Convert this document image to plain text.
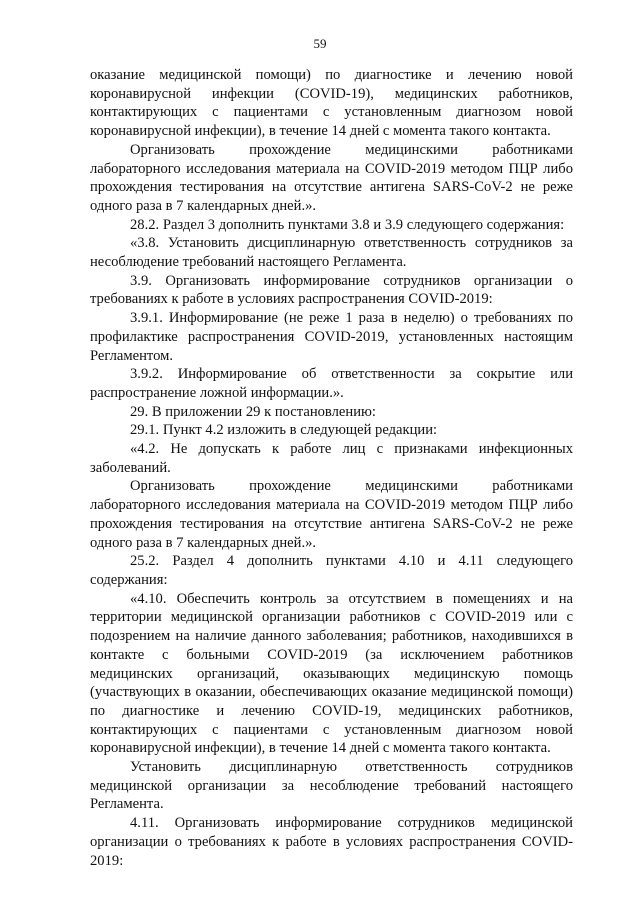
59

оказание медицинской помощи) по диагностике и лечению новой коронавирусной инфекции (COVID-19), медицинских работников, контактирующих с пациентами с установленным диагнозом новой коронавирусной инфекции), в течение 14 дней с момента такого контакта.

Организовать прохождение медицинскими работниками лабораторного исследования материала на COVID-2019 методом ПЦР либо прохождения тестирования на отсутствие антигена SARS-CoV-2 не реже одного раза в 7 календарных дней.».

28.2. Раздел 3 дополнить пунктами 3.8 и 3.9 следующего содержания:

«3.8. Установить дисциплинарную ответственность сотрудников за несоблюдение требований настоящего Регламента.

3.9. Организовать информирование сотрудников организации о требованиях к работе в условиях распространения COVID-2019:

3.9.1. Информирование (не реже 1 раза в неделю) о требованиях по профилактике распространения COVID-2019, установленных настоящим Регламентом.

3.9.2. Информирование об ответственности за сокрытие или распространение ложной информации.».

29. В приложении 29 к постановлению:

29.1. Пункт 4.2 изложить в следующей редакции:

«4.2. Не допускать к работе лиц с признаками инфекционных заболеваний.

Организовать прохождение медицинскими работниками лабораторного исследования материала на COVID-2019 методом ПЦР либо прохождения тестирования на отсутствие антигена SARS-CoV-2 не реже одного раза в 7 календарных дней.».

25.2. Раздел 4 дополнить пунктами 4.10 и 4.11 следующего содержания:

«4.10. Обеспечить контроль за отсутствием в помещениях и на территории медицинской организации работников с COVID-2019 или с подозрением на наличие данного заболевания; работников, находившихся в контакте с больными COVID-2019 (за исключением работников медицинских организаций, оказывающих медицинскую помощь (участвующих в оказании, обеспечивающих оказание медицинской помощи) по диагностике и лечению COVID-19, медицинских работников, контактирующих с пациентами с установленным диагнозом новой коронавирусной инфекции), в течение 14 дней с момента такого контакта.

Установить дисциплинарную ответственность сотрудников медицинской организации за несоблюдение требований настоящего Регламента.

4.11. Организовать информирование сотрудников медицинской организации о требованиях к работе в условиях распространения COVID-2019:
